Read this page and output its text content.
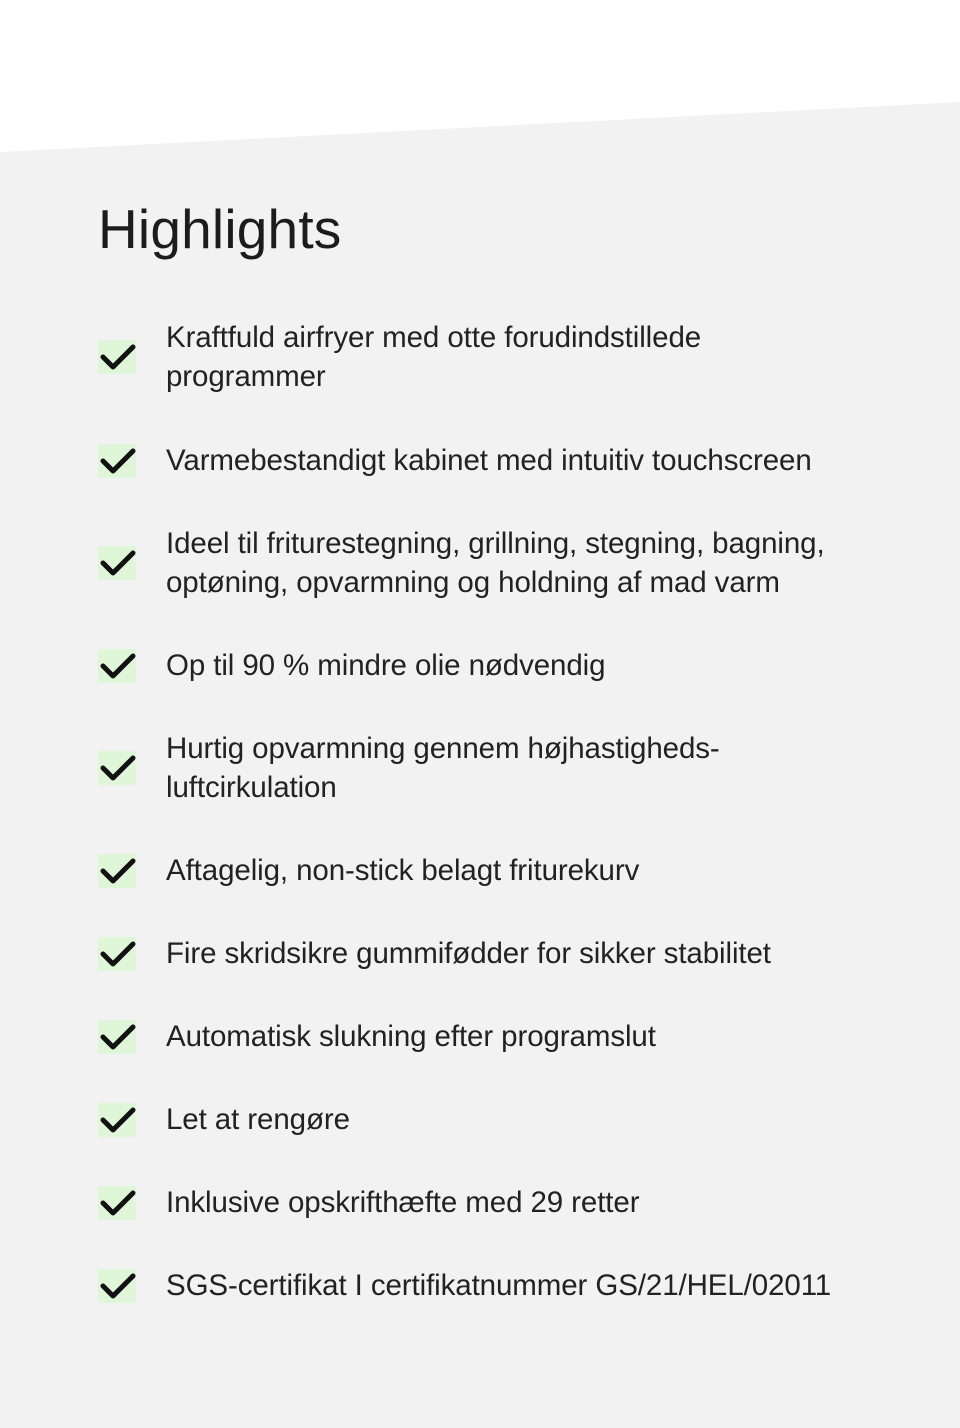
Highlights
Kraftfuld airfryer med otte forudindstillede programmer
Varmebestandigt kabinet med intuitiv touchscreen
Ideel til friturestegning, grillning, stegning, bagning, optøning, opvarmning og holdning af mad varm
Op til 90 % mindre olie nødvendig
Hurtig opvarmning gennem højhastigheds-luftcirkulation
Aftagelig, non-stick belagt friturekurv
Fire skridsikre gummifødder for sikker stabilitet
Automatisk slukning efter programslut
Let at rengøre
Inklusive opskrifthæfte med 29 retter
SGS-certifikat I certifikatnummer GS/21/HEL/02011
